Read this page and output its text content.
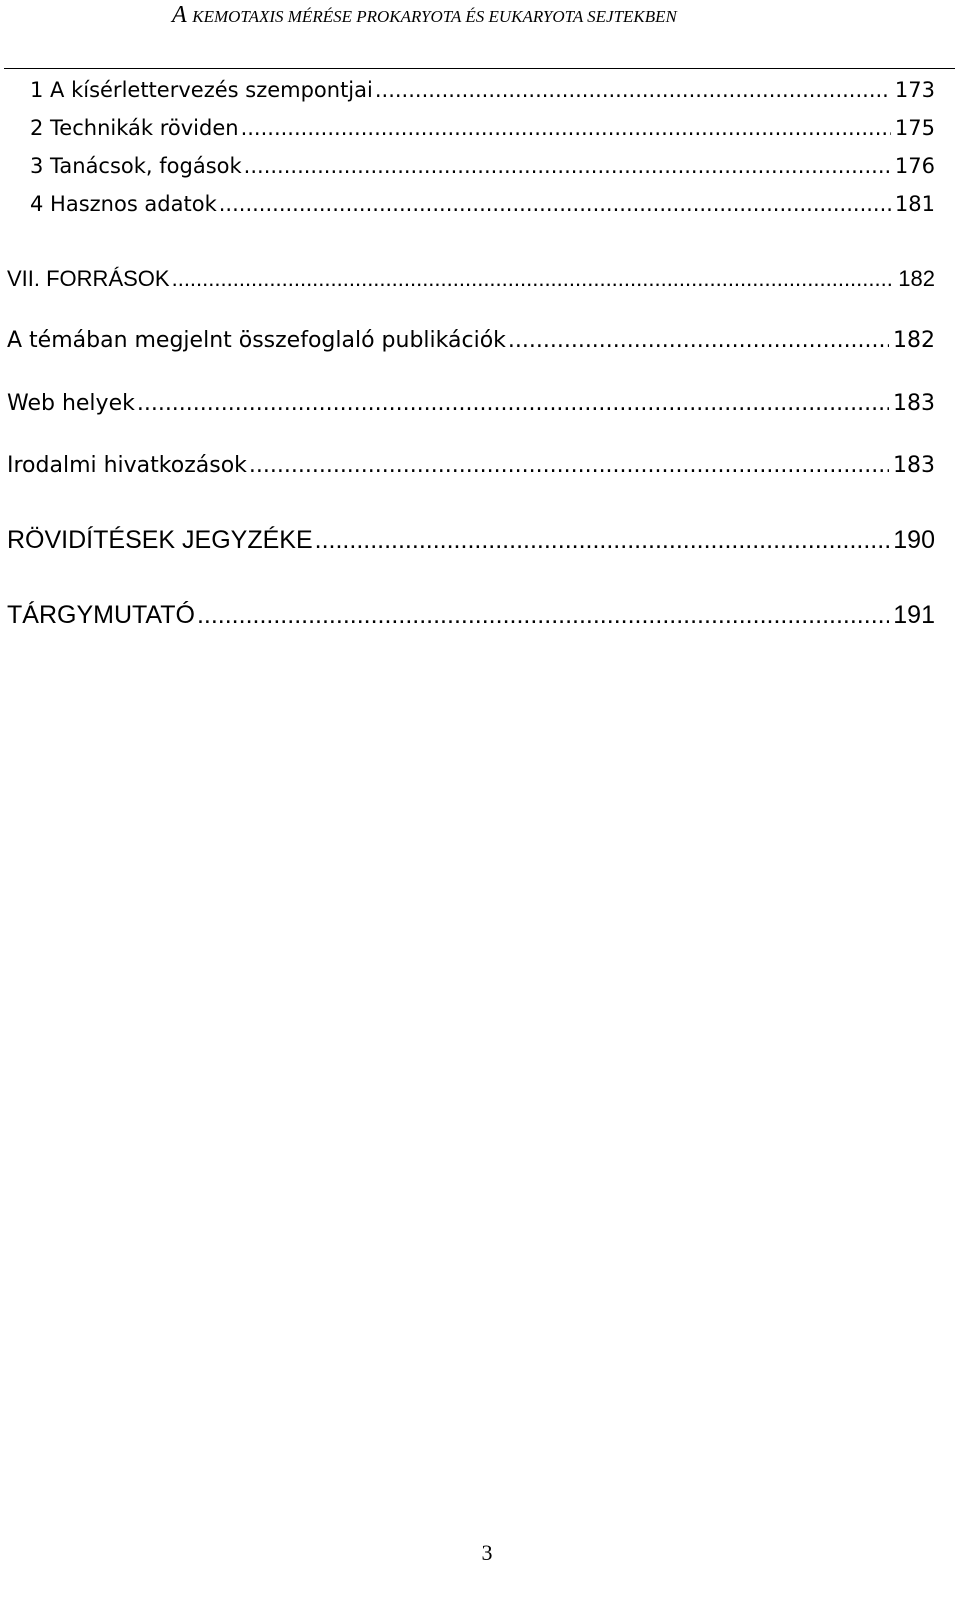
A KEMOTAXIS MÉRÉSE PROKARYOTA ÉS EUKARYOTA SEJTEKBEN
1 A kísérlettervezés szempontjai .....	173
2 Technikák röviden .....	175
3 Tanácsok, fogások .....	176
4 Hasznos adatok .....	181
VII. FORRÁSOK .....	182
A témában megjelnt összefoglaló publikációk .....	182
Web helyek .....	183
Irodalmi hivatkozások .....	183
RÖVIDÍTÉSEK JEGYZÉKE .....	190
TÁRGYMUTATÓ .....	191
3
